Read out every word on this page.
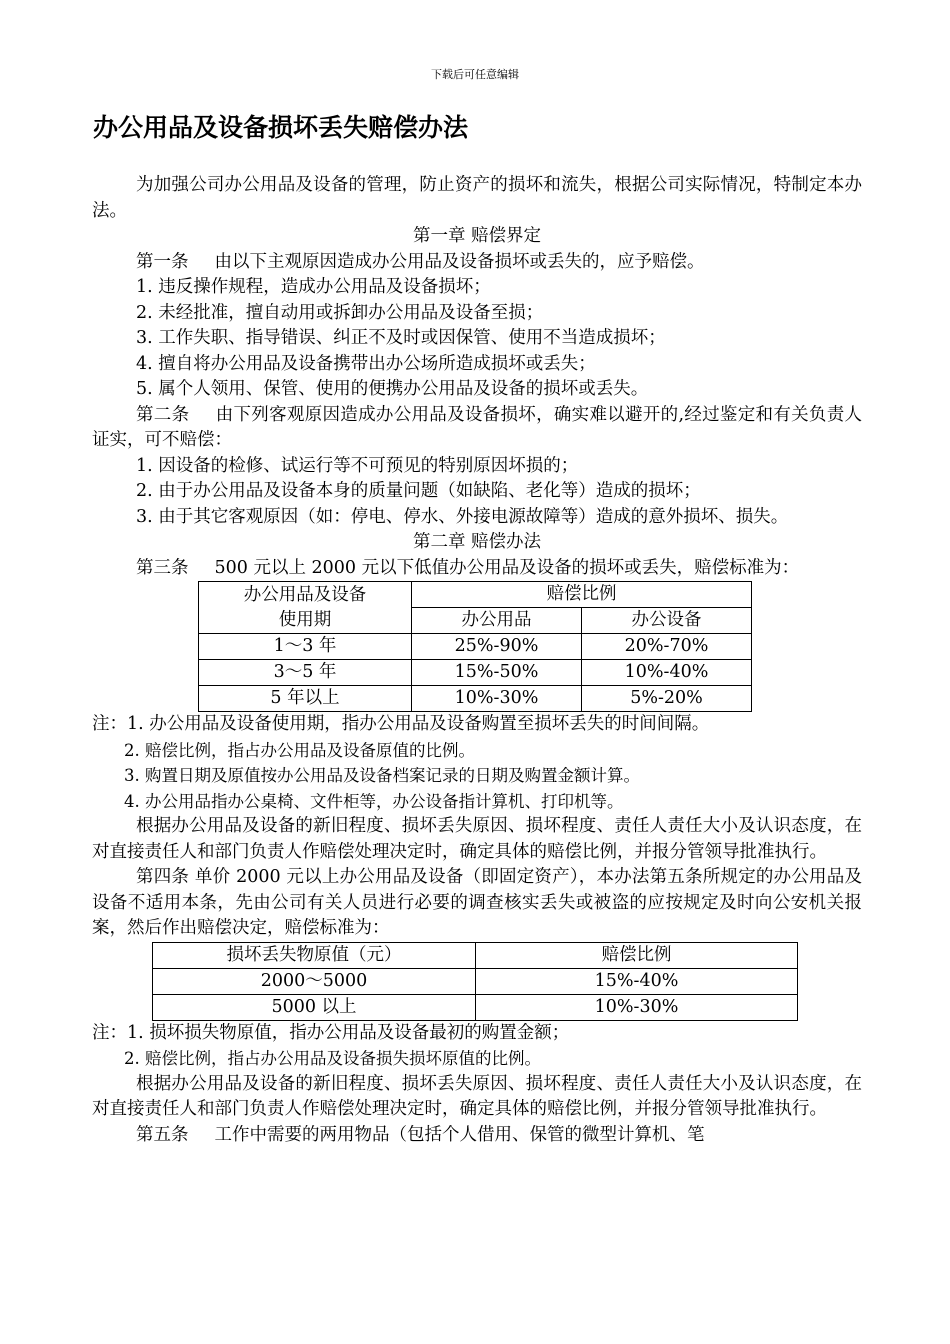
下载后可任意编辑
办公用品及设备损坏丢失赔偿办法

为加强公司办公用品及设备的管理，防止资产的损坏和流失，根据公司实际情况，特制定本办法。

第一章 赔偿界定

第一条 由以下主观原因造成办公用品及设备损坏或丢失的，应予赔偿。

1. 违反操作规程，造成办公用品及设备损坏；

2. 未经批准，擅自动用或拆卸办公用品及设备至损；

3. 工作失职、指导错误、纠正不及时或因保管、使用不当造成损坏；

4. 擅自将办公用品及设备携带出办公场所造成损坏或丢失；

5. 属个人领用、保管、使用的便携办公用品及设备的损坏或丢失。

第二条 由下列客观原因造成办公用品及设备损坏，确实难以避开的,经过鉴定和有关负责人证实，可不赔偿：

1. 因设备的检修、试运行等不可预见的特别原因坏损的；

2. 由于办公用品及设备本身的质量问题（如缺陷、老化等）造成的损坏；

3. 由于其它客观原因（如：停电、停水、外接电源故障等）造成的意外损坏、损失。

第二章 赔偿办法

第三条 500 元以上 2000 元以下低值办公用品及设备的损坏或丢失，赔偿标准为：

办公用品及设备
使用期	赔偿比例	
	办公用品	办公设备
1～3 年	25%-90%	20%-70%
3～5 年	15%-50%	10%-40%
5 年以上	10%-30%	5%-20%

注：1. 办公用品及设备使用期，指办公用品及设备购置至损坏丢失的时间间隔。

2. 赔偿比例，指占办公用品及设备原值的比例。

3. 购置日期及原值按办公用品及设备档案记录的日期及购置金额计算。

4. 办公用品指办公桌椅、文件柜等，办公设备指计算机、打印机等。

根据办公用品及设备的新旧程度、损坏丢失原因、损坏程度、责任人责任大小及认识态度，在对直接责任人和部门负责人作赔偿处理决定时，确定具体的赔偿比例，并报分管领导批准执行。

第四条 单价 2000 元以上办公用品及设备（即固定资产），本办法第五条所规定的办公用品及设备不适用本条，先由公司有关人员进行必要的调查核实丢失或被盗的应按规定及时向公安机关报案，然后作出赔偿决定，赔偿标准为：

损坏丢失物原值（元）	赔偿比例
2000～5000	15%-40%
5000 以上	10%-30%

注：1. 损坏损失物原值，指办公用品及设备最初的购置金额；

2. 赔偿比例，指占办公用品及设备损失损坏原值的比例。

根据办公用品及设备的新旧程度、损坏丢失原因、损坏程度、责任人责任大小及认识态度，在对直接责任人和部门负责人作赔偿处理决定时，确定具体的赔偿比例，并报分管领导批准执行。

第五条 工作中需要的两用物品（包括个人借用、保管的微型计算机、笔
